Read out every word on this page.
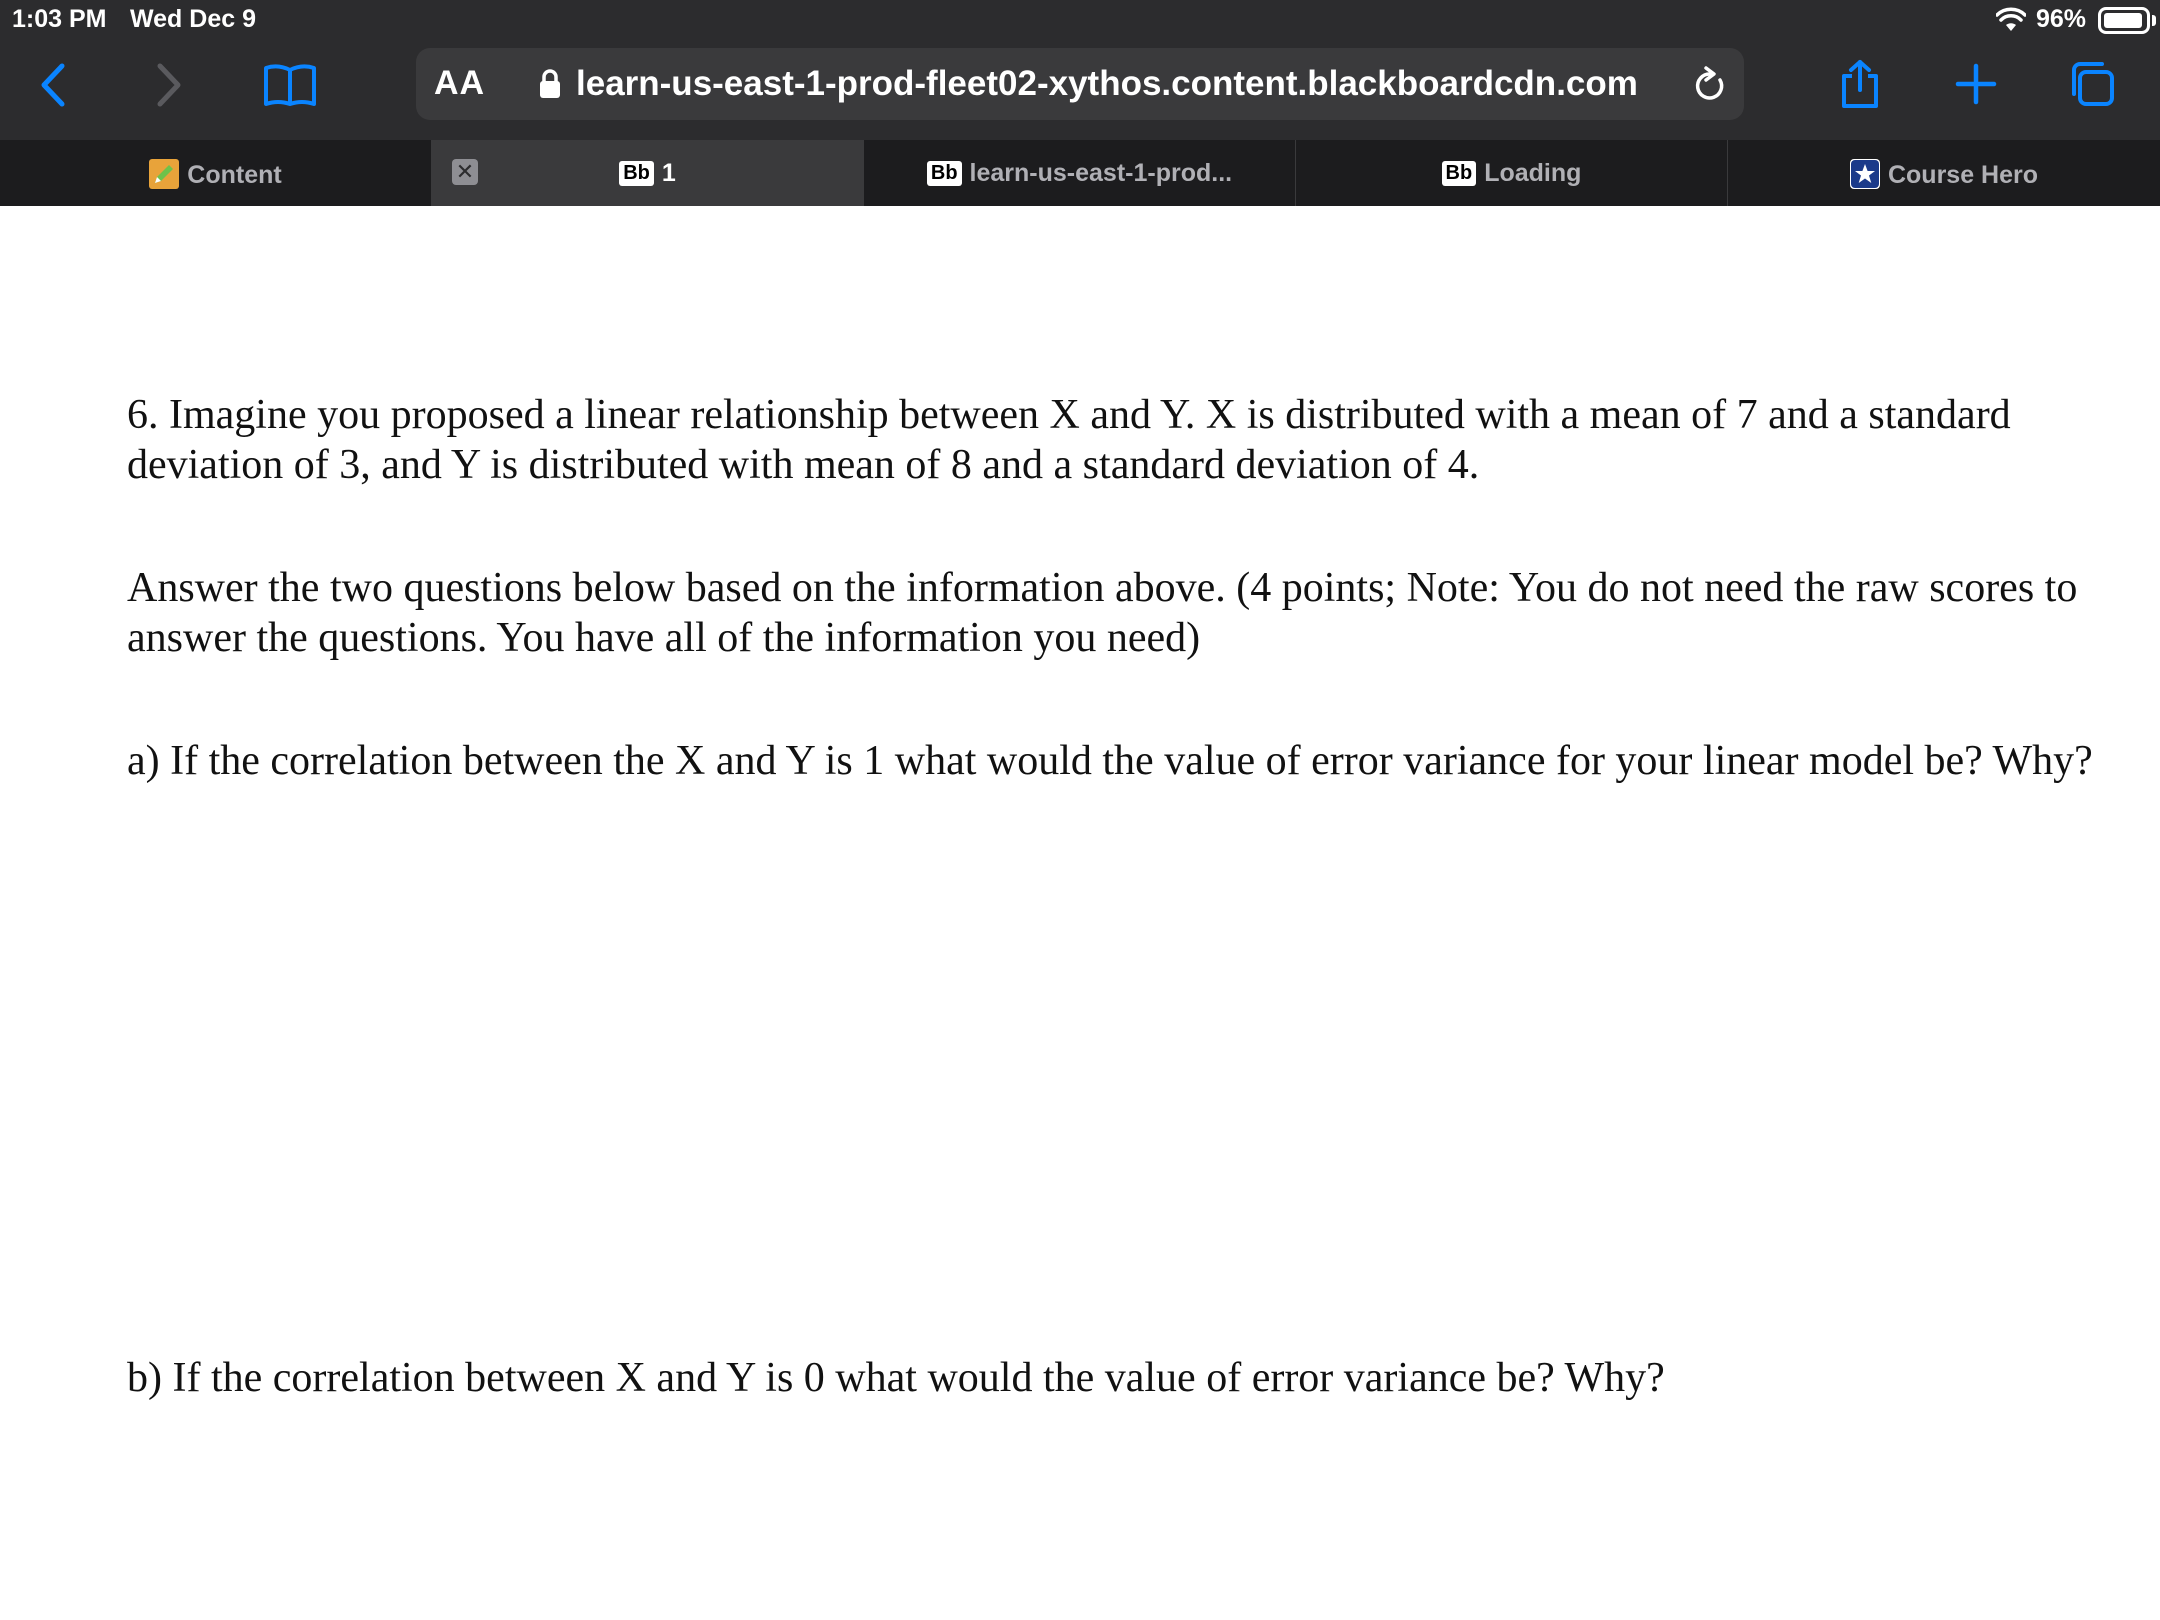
1:03 PM Wed Dec 9	96%
AA	learn-us-east-1-prod-fleet02-xythos.content.blackboardcdn.com
Content	✕	Bb 1	Bb learn-us-east-1-prod...	Bb Loading	Course Hero

6. Imagine you proposed a linear relationship between X and Y. X is distributed with a mean of 7 and a standard deviation of 3, and Y is distributed with mean of 8 and a standard deviation of 4.

Answer the two questions below based on the information above. (4 points; Note: You do not need the raw scores to answer the questions. You have all of the information you need)

a) If the correlation between the X and Y is 1 what would the value of error variance for your linear model be? Why?

b) If the correlation between X and Y is 0 what would the value of error variance be? Why?
